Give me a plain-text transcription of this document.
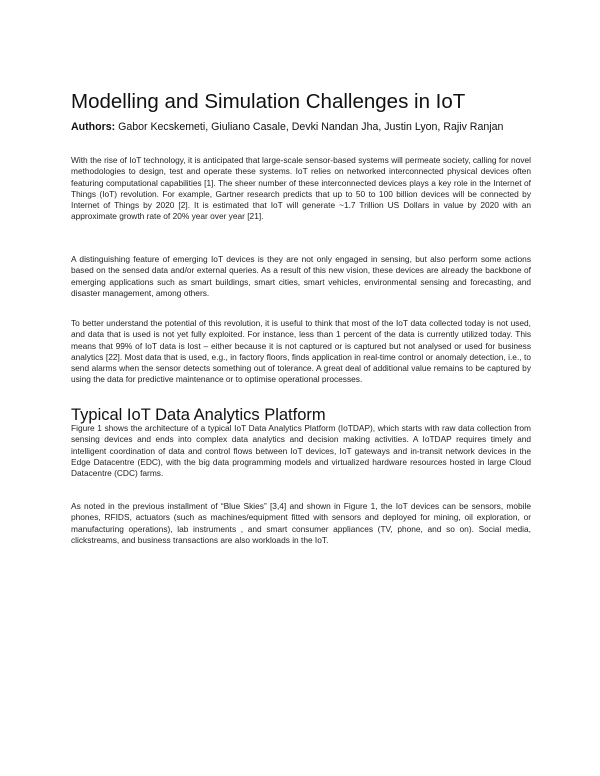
Modelling and Simulation Challenges in IoT

Authors: Gabor Kecskemeti, Giuliano Casale, Devki Nandan Jha, Justin Lyon, Rajiv Ranjan

With the rise of IoT technology, it is anticipated that large-scale sensor-based systems will permeate society, calling for novel methodologies to design, test and operate these systems. IoT relies on networked interconnected physical devices often featuring computational capabilities [1]. The sheer number of these interconnected devices plays a key role in the Internet of Things (IoT) revolution. For example, Gartner research predicts that up to 50 to 100 billion devices will be connected by Internet of Things by 2020 [2]. It is estimated that IoT will generate ~1.7 Trillion US Dollars in value by 2020 with an approximate growth rate of 20% year over year [21].

A distinguishing feature of emerging IoT devices is they are not only engaged in sensing, but also perform some actions based on the sensed data and/or external queries. As a result of this new vision, these devices are already the backbone of emerging applications such as smart buildings, smart cities, smart vehicles, environmental sensing and forecasting, and disaster management, among others.

To better understand the potential of this revolution, it is useful to think that most of the IoT data collected today is not used, and data that is used is not yet fully exploited. For instance, less than 1 percent of the data is currently utilized today. This means that 99% of IoT data is lost – either because it is not captured or is captured but not analysed or used for business analytics [22]. Most data that is used, e.g., in factory floors, finds application in real-time control or anomaly detection, i.e., to send alarms when the sensor detects something out of tolerance. A great deal of additional value remains to be captured by using the data for predictive maintenance or to optimise operational processes.

Typical IoT Data Analytics Platform

Figure 1 shows the architecture of a typical IoT Data Analytics Platform (IoTDAP), which starts with raw data collection from sensing devices and ends into complex data analytics and decision making activities. A IoTDAP requires timely and intelligent coordination of data and control flows between IoT devices, IoT gateways and in-transit network devices in the Edge Datacentre (EDC), with the big data programming models and virtualized hardware resources hosted in large Cloud Datacentre (CDC) farms.

As noted in the previous installment of “Blue Skies” [3,4] and shown in Figure 1, the IoT devices can be sensors, mobile phones, RFIDS, actuators (such as machines/equipment fitted with sensors and deployed for mining, oil exploration, or manufacturing operations), lab instruments , and smart consumer appliances (TV, phone, and so on). Social media, clickstreams, and business transactions are also workloads in the IoT.
